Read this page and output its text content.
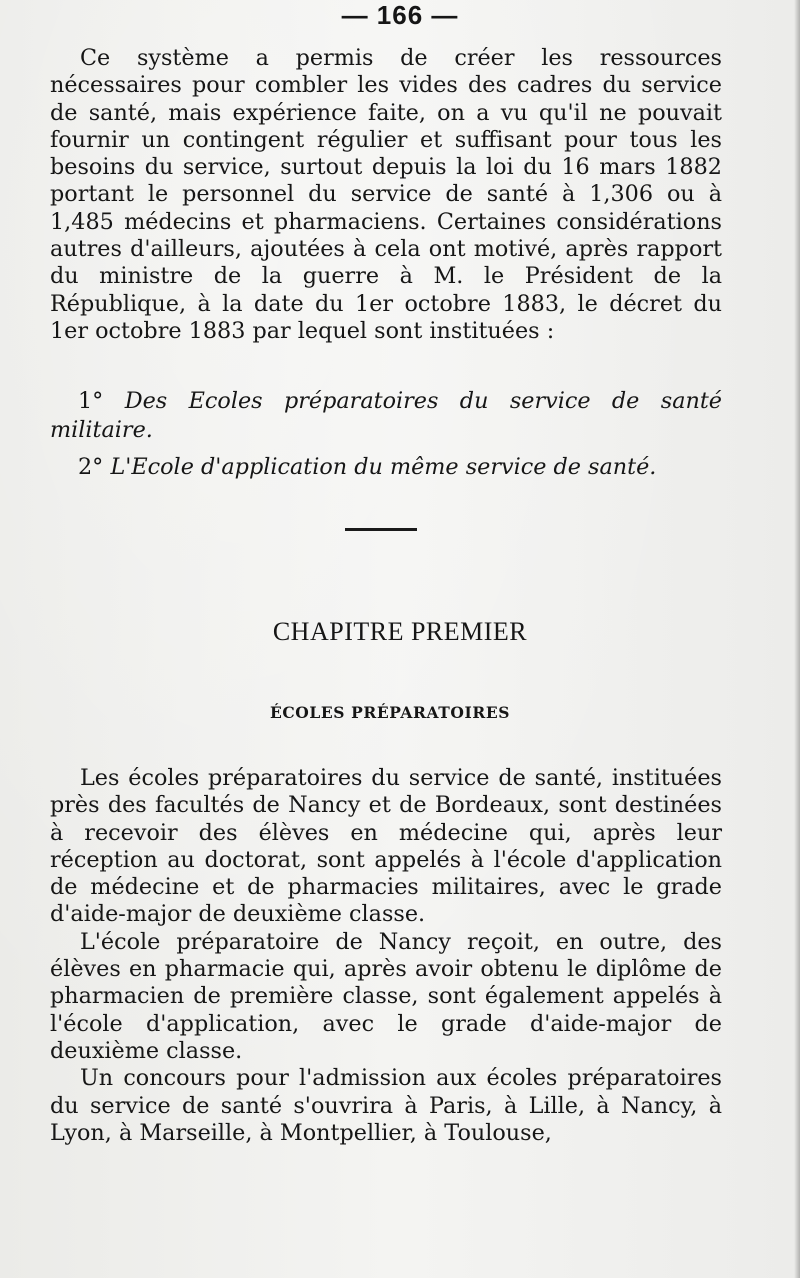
— 166 —

Ce système a permis de créer les ressources nécessaires pour combler les vides des cadres du service de santé, mais expérience faite, on a vu qu'il ne pouvait fournir un contingent régulier et suffisant pour tous les besoins du service, surtout depuis la loi du 16 mars 1882 portant le personnel du service de santé à 1,306 ou à 1,485 médecins et pharmaciens. Certaines considérations autres d'ailleurs, ajoutées à cela ont motivé, après rapport du ministre de la guerre à M. le Président de la République, à la date du 1er octobre 1883, le décret du 1er octobre 1883 par lequel sont instituées :

1° Des Ecoles préparatoires du service de santé militaire.

2° L'Ecole d'application du même service de santé.

CHAPITRE PREMIER
ÉCOLES PRÉPARATOIRES

Les écoles préparatoires du service de santé, instituées près des facultés de Nancy et de Bordeaux, sont destinées à recevoir des élèves en médecine qui, après leur réception au doctorat, sont appelés à l'école d'application de médecine et de pharmacies militaires, avec le grade d'aide-major de deuxième classe.

L'école préparatoire de Nancy reçoit, en outre, des élèves en pharmacie qui, après avoir obtenu le diplôme de pharmacien de première classe, sont également appelés à l'école d'application, avec le grade d'aide-major de deuxième classe.

Un concours pour l'admission aux écoles préparatoires du service de santé s'ouvrira à Paris, à Lille, à Nancy, à Lyon, à Marseille, à Montpellier, à Toulouse,
